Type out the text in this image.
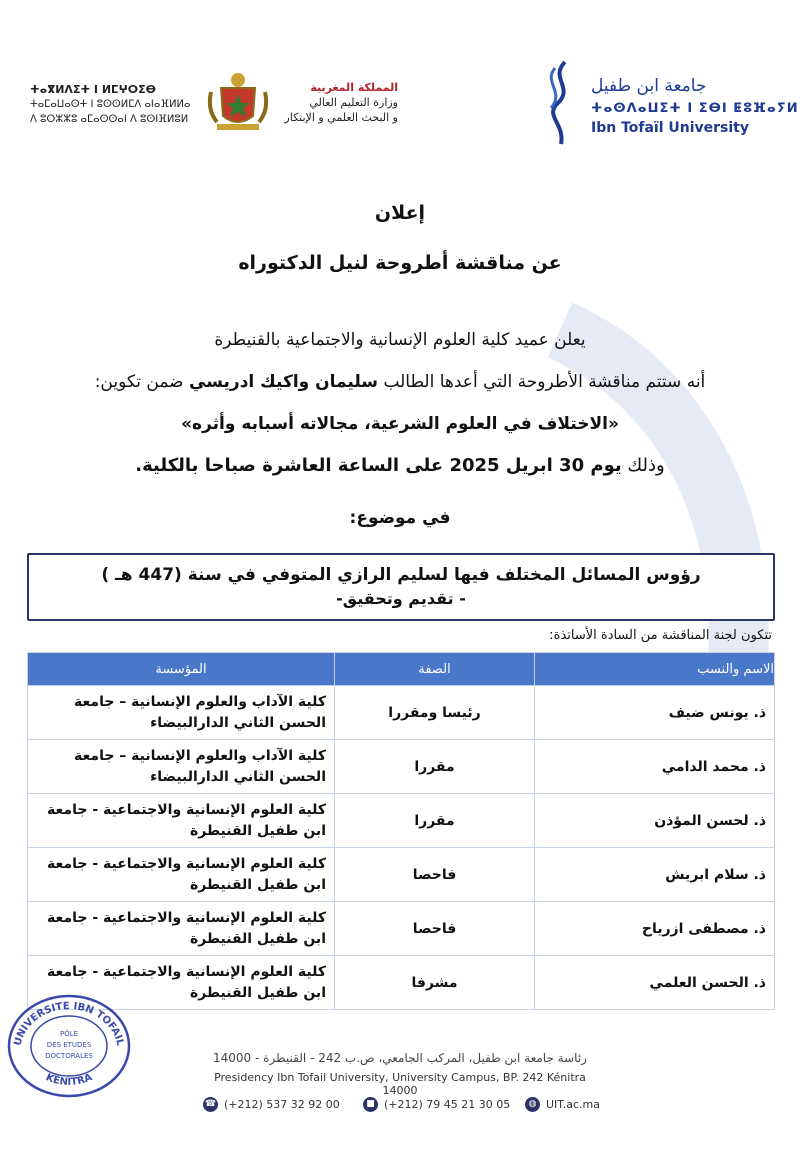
جامعة ابن طفيل
ⵜⴰⵙⴷⴰⵡⵉⵜ ⵏ ⵉⴱⵏ ⵟⵓⴼⴰⵢⵍ
Ibn Tofaïl University
المملكة المغربية
وزارة التعليم العالي
و البحث العلمي و الإبتكار
ⵜⴰⴳⵍⴷⵉⵜ ⵏ ⵍⵎⵖⵔⵉⴱ
ⵜⴰⵎⴰⵡⴰⵙⵜ ⵏ ⵓⵙⵙⵍⵎⴷ ⴰⵏⴰⴼⵍⵍⴰ
ⴷ ⵓⵔⵣⵣⵓ ⴰⵎⴰⵙⵙⴰⵏ ⴷ ⵓⵙⵏⴼⵍⵓⵍ
إعلان
عن مناقشة أطروحة لنيل الدكتوراه
يعلن عميد كلية العلوم الإنسانية والاجتماعية بالقنيطرة
أنه ستتم مناقشة الأطروحة التي أعدها الطالب سليمان واكيك ادريسي ضمن تكوين:
«الاختلاف في العلوم الشرعية، مجالاته أسبابه وأثره»
وذلك يوم 30 ابريل 2025 على الساعة العاشرة صباحا بالكلية.
في موضوع:
رؤوس المسائل المختلف فيها لسليم الرازي المتوفي في سنة (447 هـ )
- تقديم وتحقيق-
تتكون لجنة المناقشة من السادة الأساتذة:
الاسم والنسب	الصفة	المؤسسة
ذ. يونس ضيف	رئيسا ومقررا	كلية الآداب والعلوم الإنسانية – جامعة الحسن الثاني الدارالبيضاء
ذ. محمد الدامي	مقررا	كلية الآداب والعلوم الإنسانية – جامعة الحسن الثاني الدارالبيضاء
ذ. لحسن المؤذن	مقررا	كلية العلوم الإنسانية والاجتماعية - جامعة ابن طفيل القنيطرة
ذ. سلام ابريش	فاحصا	كلية العلوم الإنسانية والاجتماعية - جامعة ابن طفيل القنيطرة
ذ. مصطفى ازرياح	فاحصا	كلية العلوم الإنسانية والاجتماعية - جامعة ابن طفيل القنيطرة
ذ. الحسن العلمي	مشرفا	كلية العلوم الإنسانية والاجتماعية - جامعة ابن طفيل القنيطرة
UNIVERSITE IBN TOFAIL
KENITRA
PÔLE
DES ETUDES
DOCTORALES	رئاسة جامعة ابن طفيل، المركب الجامعي، ص.ب 242 - القنيطرة - 14000
Presidency Ibn Tofail University, University Campus, BP. 242 Kénitra 14000
☎ (+212) 537 32 92 00	■ (+212) 79 45 21 30 05	◍ UIT.ac.ma
